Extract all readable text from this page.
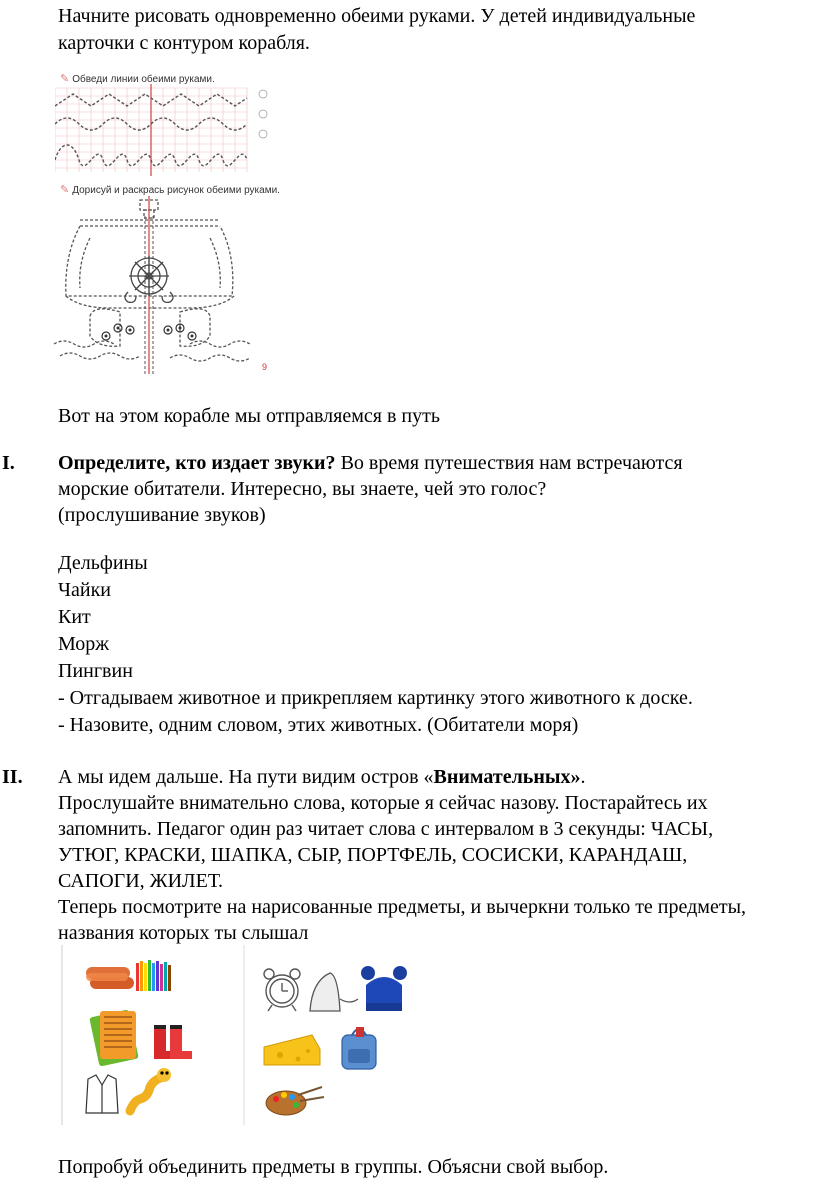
Начните рисовать одновременно обеими руками. У детей индивидуальные
карточки с контуром корабля.
✎ Обведи линии обеими руками.
✎ Дорисуй и раскрась рисунок обеими руками.
9
Вот на этом корабле мы отправляемся в путь
I. Определите, кто издает звуки? Во время путешествия нам встречаются
морские обитатели. Интересно, вы знаете, чей это голос?
(прослушивание звуков)
Дельфины
Чайки
Кит
Морж
Пингвин
- Отгадываем животное и прикрепляем картинку этого животного к доске.
- Назовите, одним словом, этих животных. (Обитатели моря)
II. А мы идем дальше. На пути видим остров «Внимательных».
Прослушайте внимательно слова, которые я сейчас назову. Постарайтесь их
запомнить. Педагог один раз читает слова с интервалом в 3 секунды: ЧАСЫ,
УТЮГ, КРАСКИ, ШАПКА, СЫР, ПОРТФЕЛЬ, СОСИСКИ, КАРАНДАШ,
САПОГИ, ЖИЛЕТ.
Теперь посмотрите на нарисованные предметы, и вычеркни только те предметы,
названия которых ты слышал
Попробуй объединить предметы в группы. Объясни свой выбор.
